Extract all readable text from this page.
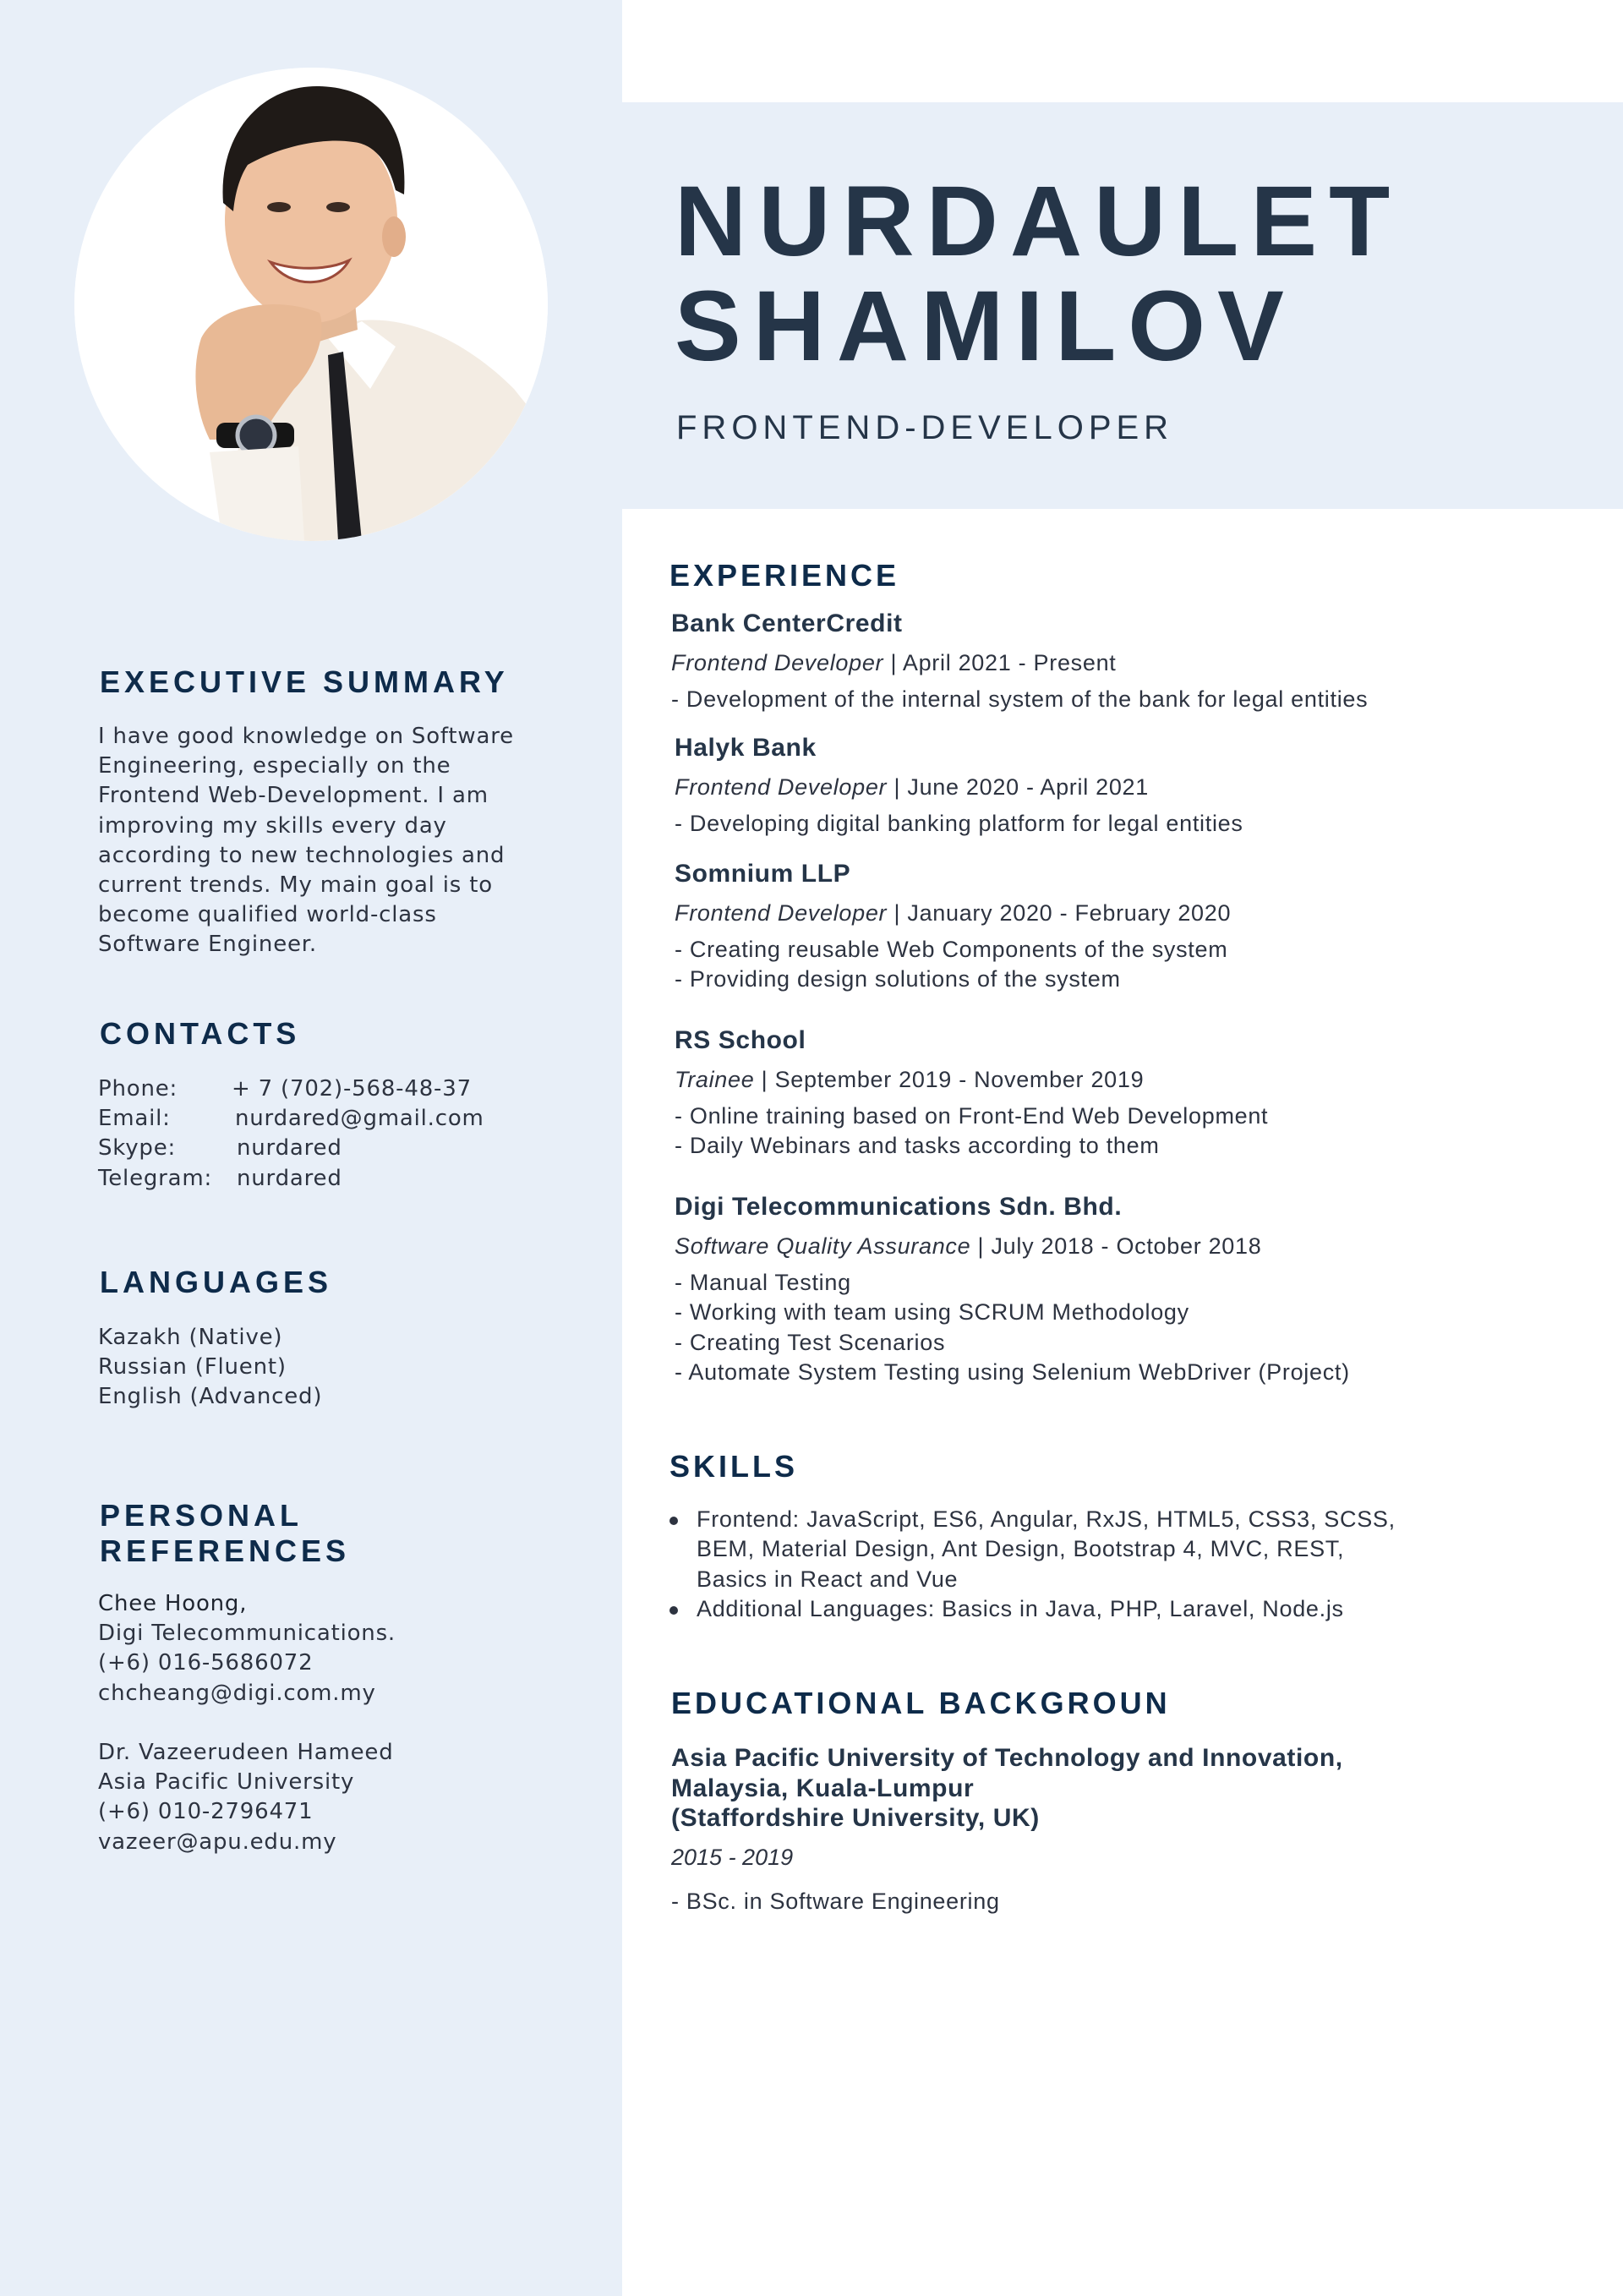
NURDAULET
SHAMILOV
FRONTEND-DEVELOPER
EXECUTIVE SUMMARY
I have good knowledge on Software
Engineering, especially on the
Frontend Web-Development. I am
improving my skills every day
according to new technologies and
current trends. My main goal is to
become qualified world-class
Software Engineer.
CONTACTS
Phone:	+ 7 (702)-568-48-37
Email:	nurdared@gmail.com
Skype:	nurdared
Telegram:	nurdared
LANGUAGES
Kazakh (Native)
Russian (Fluent)
English (Advanced)
PERSONAL
REFERENCES
Chee Hoong,
Digi Telecommunications.
(+6) 016-5686072
chcheang@digi.com.my
Dr. Vazeerudeen Hameed
Asia Pacific University
(+6) 010-2796471
vazeer@apu.edu.my
EXPERIENCE
Bank CenterCredit
Frontend Developer | April 2021 - Present
- Development of the internal system of the bank for legal entities
Halyk Bank
Frontend Developer | June 2020 - April 2021
- Developing digital banking platform for legal entities
Somnium LLP
Frontend Developer | January 2020 - February 2020
- Creating reusable Web Components of the system
- Providing design solutions of the system
RS School
Trainee | September 2019 - November 2019
- Online training based on Front-End Web Development
- Daily Webinars and tasks according to them
Digi Telecommunications Sdn. Bhd.
Software Quality Assurance | July 2018 - October 2018
- Manual Testing
- Working with team using SCRUM Methodology
- Creating Test Scenarios
- Automate System Testing using Selenium WebDriver (Project)
SKILLS
Frontend: JavaScript, ES6, Angular, RxJS, HTML5, CSS3, SCSS,
BEM, Material Design, Ant Design, Bootstrap 4, MVC, REST,
Basics in React and Vue
Additional Languages: Basics in Java, PHP, Laravel, Node.js
EDUCATIONAL BACKGROUN
Asia Pacific University of Technology and Innovation,
Malaysia, Kuala-Lumpur
(Staffordshire University, UK)
2015 - 2019
- BSc. in Software Engineering
